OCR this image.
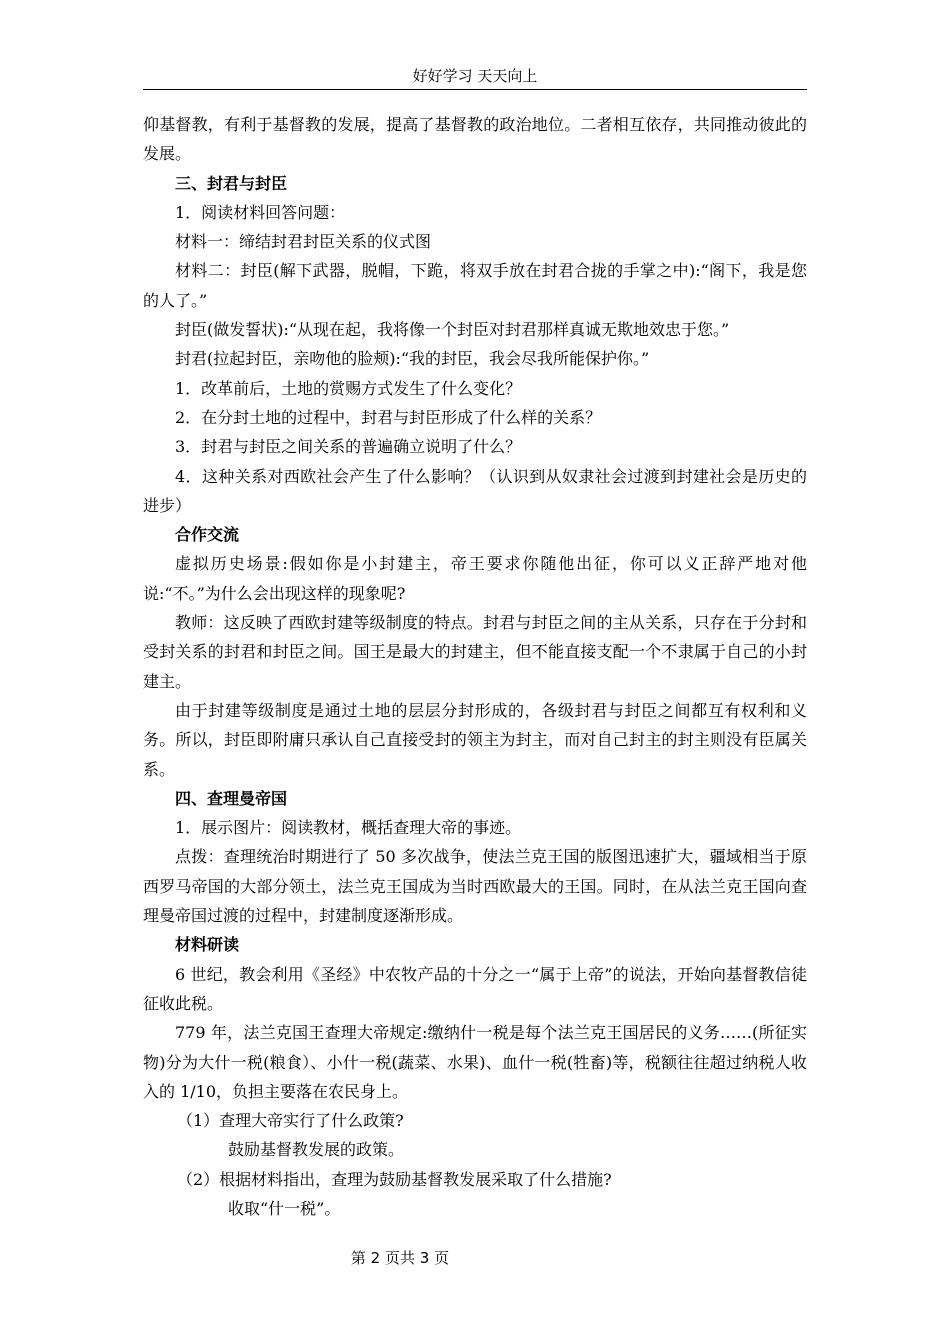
好好学习 天天向上

仰基督教，有利于基督教的发展，提高了基督教的政治地位。二者相互依存，共同推动彼此的发展。

三、封君与封臣

1．阅读材料回答问题：

材料一：缔结封君封臣关系的仪式图

材料二：封臣(解下武器，脱帽，下跪，将双手放在封君合拢的手掌之中):“阁下，我是您的人了。”

封臣(做发誓状):“从现在起，我将像一个封臣对封君那样真诚无欺地效忠于您。”

封君(拉起封臣，亲吻他的脸颊):“我的封臣，我会尽我所能保护你。”

1．改革前后，土地的赏赐方式发生了什么变化？

2．在分封土地的过程中，封君与封臣形成了什么样的关系？

3．封君与封臣之间关系的普遍确立说明了什么？

4．这种关系对西欧社会产生了什么影响？（认识到从奴隶社会过渡到封建社会是历史的进步）

合作交流

虚拟历史场景:假如你是小封建主，帝王要求你随他出征，你可以义正辞严地对他说:“不。”为什么会出现这样的现象呢?

教师：这反映了西欧封建等级制度的特点。封君与封臣之间的主从关系，只存在于分封和受封关系的封君和封臣之间。国王是最大的封建主，但不能直接支配一个不隶属于自己的小封建主。

由于封建等级制度是通过土地的层层分封形成的，各级封君与封臣之间都互有权利和义务。所以，封臣即附庸只承认自己直接受封的领主为封主，而对自己封主的封主则没有臣属关系。

四、查理曼帝国

1．展示图片：阅读教材，概括查理大帝的事迹。

点拨：查理统治时期进行了 50 多次战争，使法兰克王国的版图迅速扩大，疆域相当于原西罗马帝国的大部分领土，法兰克王国成为当时西欧最大的王国。同时，在从法兰克王国向查理曼帝国过渡的过程中，封建制度逐渐形成。

材料研读

6 世纪，教会利用《圣经》中农牧产品的十分之一“属于上帝”的说法，开始向基督教信徒征收此税。

779 年，法兰克国王查理大帝规定:缴纳什一税是每个法兰克王国居民的义务……(所征实物)分为大什一税(粮食）、小什一税(蔬菜、水果)、血什一税(牲畜)等，税额往往超过纳税人收入的 1/10，负担主要落在农民身上。

（1）查理大帝实行了什么政策?

鼓励基督教发展的政策。

（2）根据材料指出，查理为鼓励基督教发展采取了什么措施?

收取“什一税”。

第 2 页共 3 页
